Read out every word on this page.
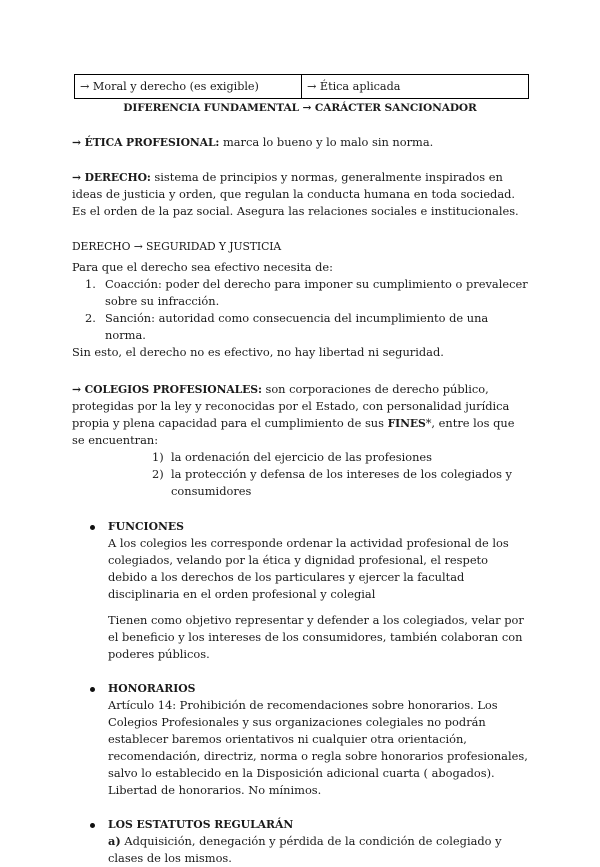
→ Moral y derecho (es exigible)	→ Ética aplicada

DIFERENCIA FUNDAMENTAL → CARÁCTER SANCIONADOR

→ ÉTICA PROFESIONAL: marca lo bueno y lo malo sin norma.

→ DERECHO: sistema de principios y normas, generalmente inspirados en ideas de justicia y orden, que regulan la conducta humana en toda sociedad. Es el orden de la paz social. Asegura las relaciones sociales e institucionales.

DERECHO → SEGURIDAD Y JUSTICIA

Para que el derecho sea efectivo necesita de:

1. Coacción: poder del derecho para imponer su cumplimiento o prevalecer sobre su infracción.
2. Sanción: autoridad como consecuencia del incumplimiento de una norma.

Sin esto, el derecho no es efectivo, no hay libertad ni seguridad.

→ COLEGIOS PROFESIONALES: son corporaciones de derecho público, protegidas por la ley y reconocidas por el Estado, con personalidad jurídica propia y plena capacidad para el cumplimiento de sus FINES*, entre los que se encuentran:

1) la ordenación del ejercicio de las profesiones
2) la protección y defensa de los intereses de los colegiados y consumidores

FUNCIONES

A los colegios les corresponde ordenar la actividad profesional de los colegiados, velando por la ética y dignidad profesional, el respeto debido a los derechos de los particulares y ejercer la facultad disciplinaria en el orden profesional y colegial

Tienen como objetivo representar y defender a los colegiados, velar por el beneficio y los intereses de los consumidores, también colaboran con poderes públicos.

HONORARIOS

Artículo 14: Prohibición de recomendaciones sobre honorarios. Los Colegios Profesionales y sus organizaciones colegiales no podrán establecer baremos orientativos ni cualquier otra orientación, recomendación, directriz, norma o regla sobre honorarios profesionales, salvo lo establecido en la Disposición adicional cuarta ( abogados).

Libertad de honorarios. No mínimos.

LOS ESTATUTOS REGULARÁN

a) Adquisición, denegación y pérdida de la condición de colegiado y clases de los mismos.
